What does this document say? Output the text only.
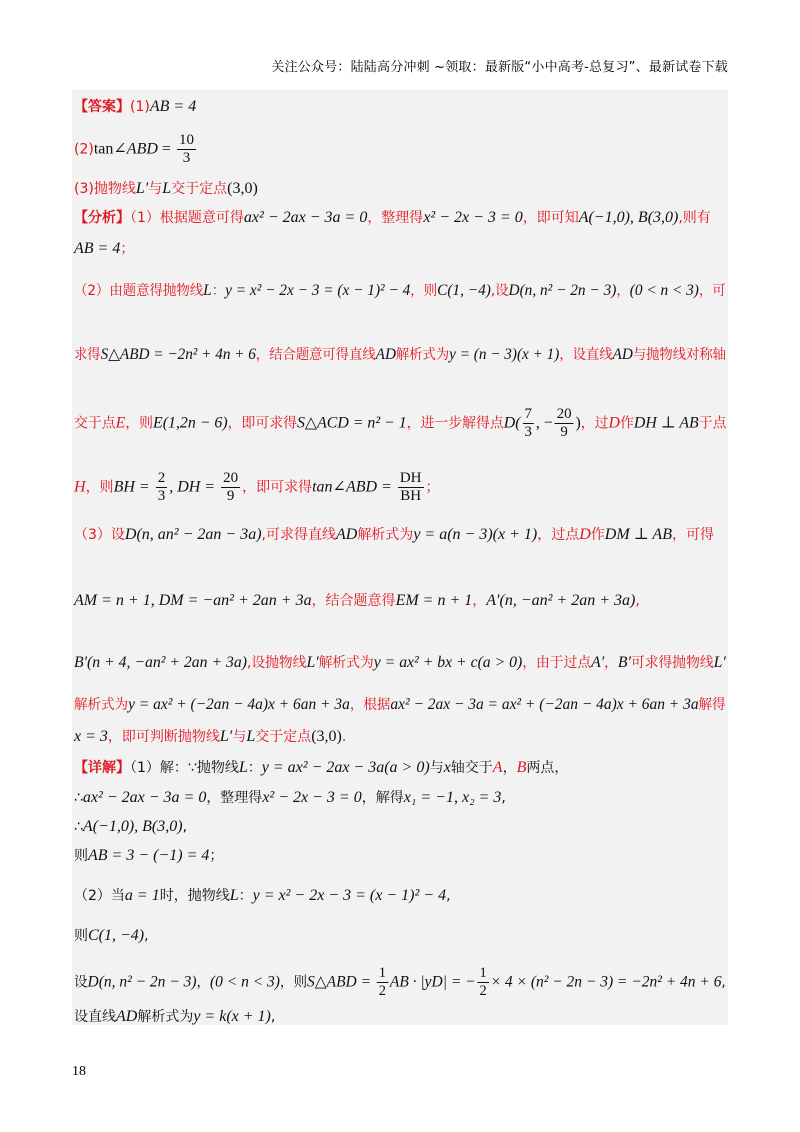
关注公众号：陆陆高分冲刺 ~领取：最新版“小中高考-总复习”、最新试卷下载
【答案】(1)AB = 4
(2)tan∠ABD = $\frac{10}{3}$
(3)抛物线L′与L交于定点(3,0)
【分析】（1）根据题意可得ax² − 2ax − 3a = 0，整理得x² − 2x − 3 = 0，即可知A(−1,0), B(3,0),则有
AB = 4；
（2）由题意得抛物线L：y = x² − 2x − 3 = (x − 1)² − 4，则C(1, −4),设D(n, n² − 2n − 3)，(0 < n < 3)，可
求得S△ABD = −2n² + 4n + 6，结合题意可得直线AD解析式为y = (n − 3)(x + 1)，设直线AD与抛物线对称轴
交于点E，则E(1,2n − 6)，即可求得S△ACD = n² − 1，进一步解得点$D( \frac{7}{3}$ , − $\frac{20}{9}$ )，过D作DH ⊥ AB于点
H，则BH = $\frac{2}{3}$ , DH = $\frac{20}{9}$ ，即可求得tan∠ABD = $\frac{DH}{BH}$ ；
（3）设D(n, an² − 2an − 3a),可求得直线AD解析式为y = a(n − 3)(x + 1)，过点D作DM ⊥ AB，可得
AM = n + 1, DM = −an² + 2an + 3a，结合题意得EM = n + 1，A′(n, −an² + 2an + 3a),
B′(n + 4, −an² + 2an + 3a),设抛物线L′解析式为y = ax² + bx + c(a > 0)，由于过点A′，B′可求得抛物线L′
解析式为y = ax² + (−2an − 4a)x + 6an + 3a，根据ax² − 2ax − 3a = ax² + (−2an − 4a)x + 6an + 3a解得
x = 3，即可判断抛物线L′与L交于定点(3,0).
【详解】（1）解：∵抛物线L：y = ax² − 2ax − 3a(a > 0)与x轴交于A，B两点，
∴ax² − 2ax − 3a = 0，整理得x² − 2x − 3 = 0，解得x₁ = −1, x₂ = 3,
∴A(−1,0), B(3,0),
则AB = 3 − (−1) = 4；
（2）当a = 1时，抛物线L：y = x² − 2x − 3 = (x − 1)² − 4,
则C(1, −4),
设D(n, n² − 2n − 3)，(0 < n < 3)，则S△ABD = $\frac{1}{2}$ AB · |yD| = − $\frac{1}{2} \times 4 \times (n^2 - 2n - 3) = -2n^2 + 4n + 6$,
设直线AD解析式为y = k(x + 1),
18
